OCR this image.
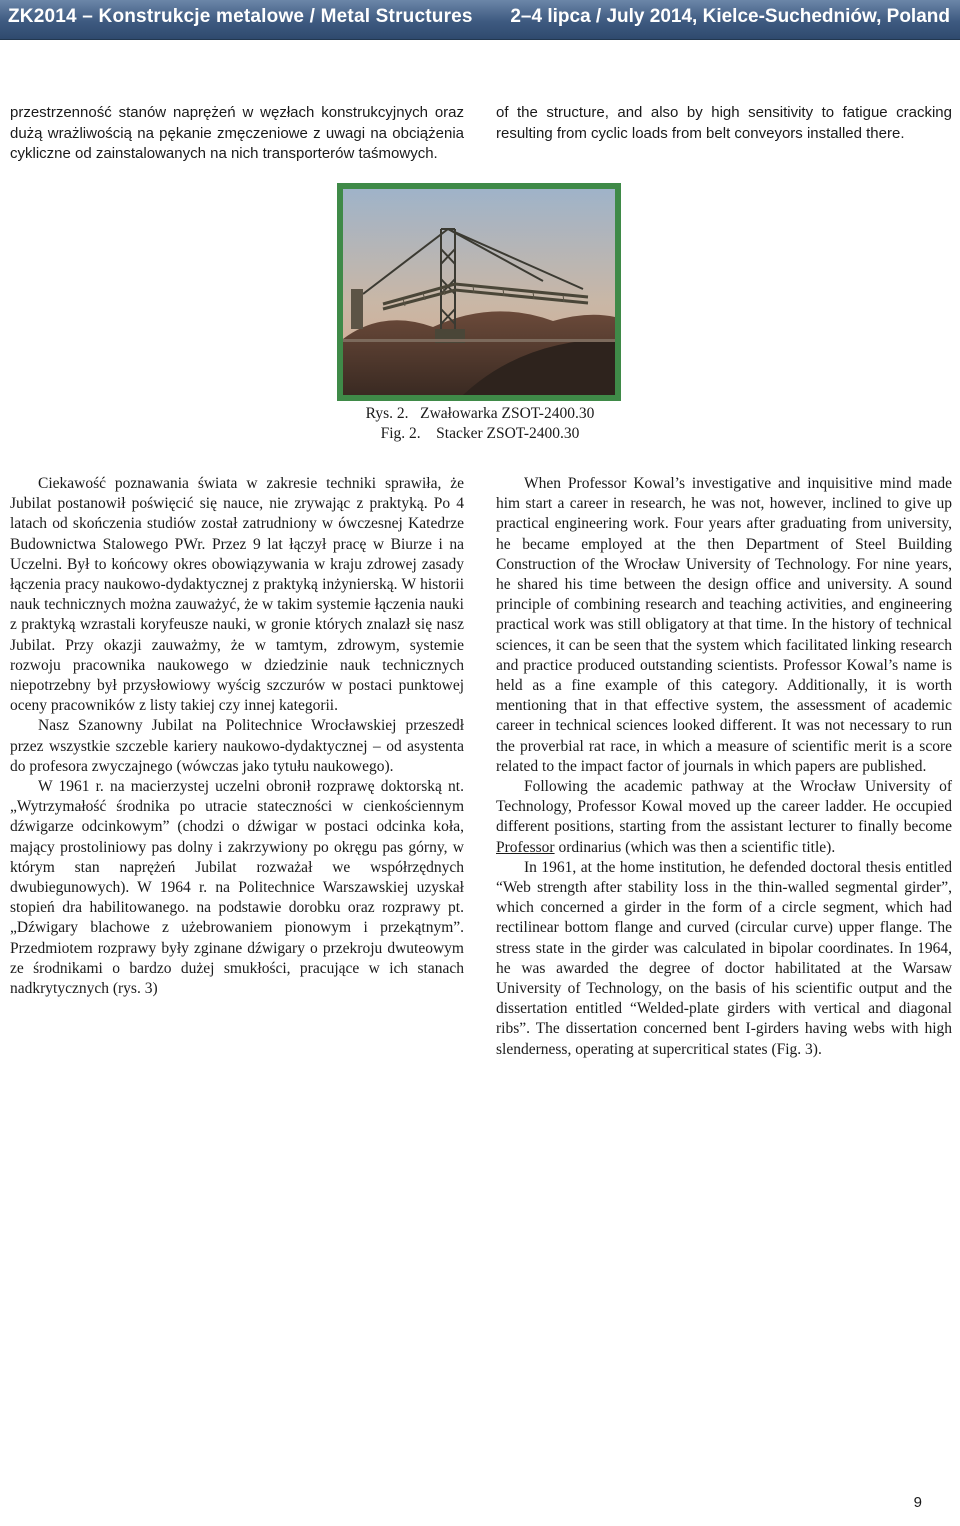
ZK2014 – Konstrukcje metalowe / Metal Structures 2–4 lipca / July 2014, Kielce-Suchedniów, Poland
przestrzenność stanów naprężeń w węzłach konstrukcyjnych oraz dużą wrażliwością na pękanie zmęczeniowe z uwagi na obciążenia cykliczne od zainstalowanych na nich transporterów taśmowych.
of the structure, and also by high sensitivity to fatigue cracking resulting from cyclic loads from belt conveyors installed there.
Rys. 2.   Zwałowarka ZSOT-2400.30
Fig. 2.    Stacker ZSOT-2400.30

Ciekawość poznawania świata w zakresie techniki sprawiła, że Jubilat postanowił poświęcić się nauce, nie zrywając z praktyką. Po 4 latach od skończenia studiów został zatrudniony w ówczesnej Katedrze Budownictwa Stalowego PWr. Przez 9 lat łączył pracę w Biurze i na Uczelni. Był to końcowy okres obowiązywania w kraju zdrowej zasady łączenia pracy naukowo-dydaktycznej z praktyką inżynierską. W historii nauk technicznych można zauważyć, że w takim systemie łączenia nauki z praktyką wzrastali koryfeusze nauki, w gronie których znalazł się nasz Jubilat. Przy okazji zauważmy, że w tamtym, zdrowym, systemie rozwoju pracownika naukowego w dziedzinie nauk technicznych niepotrzebny był przysłowiowy wyścig szczurów w postaci punktowej oceny pracowników z listy takiej czy innej kategorii.

Nasz Szanowny Jubilat na Politechnice Wrocławskiej przeszedł przez wszystkie szczeble kariery naukowo-dydaktycznej – od asystenta do profesora zwyczajnego (wówczas jako tytułu naukowego).

W 1961 r. na macierzystej uczelni obronił rozprawę doktorską nt. „Wytrzymałość środnika po utracie stateczności w cienkościennym dźwigarze odcinkowym” (chodzi o dźwigar w postaci odcinka koła, mający prostoliniowy pas dolny i zakrzywiony po okręgu pas górny, w którym stan naprężeń Jubilat rozważał we współrzędnych dwubiegunowych). W 1964 r. na Politechnice Warszawskiej uzyskał stopień dra habilitowanego. na podstawie dorobku oraz rozprawy pt. „Dźwigary blachowe z użebrowaniem pionowym i przekątnym”. Przedmiotem rozprawy były zginane dźwigary o przekroju dwuteowym ze środnikami o bardzo dużej smukłości, pracujące w ich stanach nadkrytycznych (rys. 3)

When Professor Kowal’s investigative and inquisitive mind made him start a career in research, he was not, however, inclined to give up practical engineering work. Four years after graduating from university, he became employed at the then Department of Steel Building Construction of the Wrocław University of Technology. For nine years, he shared his time between the design office and university. A sound principle of combining research and teaching activities, and engineering practical work was still obligatory at that time. In the history of technical sciences, it can be seen that the system which facilitated linking research and practice produced outstanding scientists. Professor Kowal’s name is held as a fine example of this category. Additionally, it is worth mentioning that in that effective system, the assessment of academic career in technical sciences looked different. It was not necessary to run the proverbial rat race, in which a measure of scientific merit is a score related to the impact factor of journals in which papers are published.

Following the academic pathway at the Wrocław University of Technology, Professor Kowal moved up the career ladder. He occupied different positions, starting from the assistant lecturer to finally become Professor ordinarius (which was then a scientific title).

In 1961, at the home institution, he defended doctoral thesis entitled “Web strength after stability loss in the thin-walled segmental girder”, which concerned a girder in the form of a circle segment, which had rectilinear bottom flange and curved (circular curve) upper flange. The stress state in the girder was calculated in bipolar coordinates. In 1964, he was awarded the degree of doctor habilitated at the Warsaw University of Technology, on the basis of his scientific output and the dissertation entitled “Welded-plate girders with vertical and diagonal ribs”. The dissertation concerned bent I-girders having webs with high slenderness, operating at supercritical states (Fig. 3).

9
